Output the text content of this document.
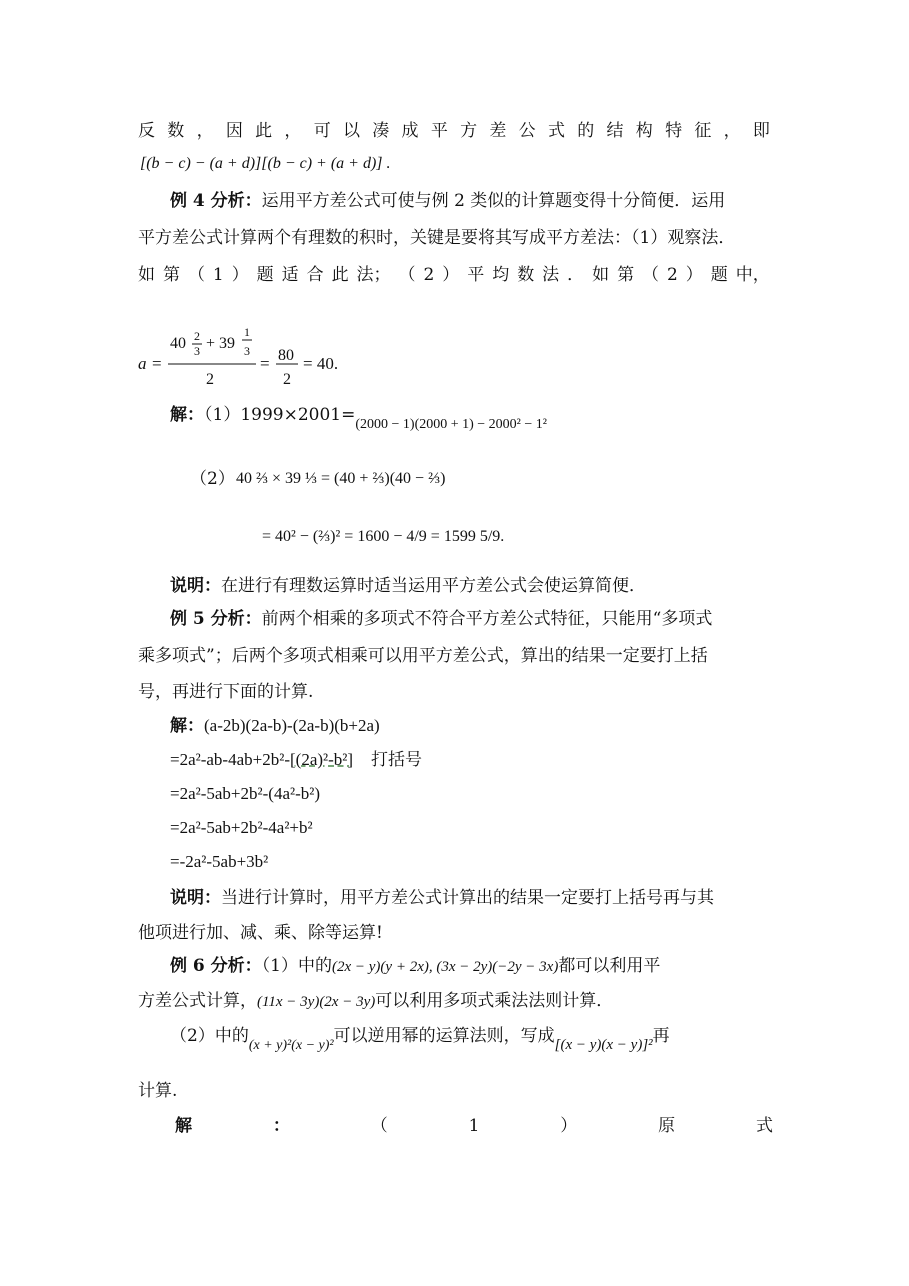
反 数 ， 因 此 ， 可 以 凑 成 平 方 差 公 式 的 结 构 特 征 ， 即
[(b − c) − (a + d)][(b − c) + (a + d)] .
例 4 分析：运用平方差公式可使与例 2 类似的计算题变得十分简便．运用
平方差公式计算两个有理数的积时，关键是要将其写成平方差法：（1）观察法．
如 第 （ 1 ） 题 适 合 此 法； （ 2 ） 平 均 数 法 ． 如 第 （ 2 ） 题 中，
a =
40 2
3 + 39
1
3
2
= 80
2
= 40.
解：$(1)1999\times 2001=_{(2000 - 1)(2000 + 1) - 2000^2 - 1^2}$
（2） 40 ⅔ × 39 ⅓ = (40 + ⅔)(40 − ⅔)
= 40² − (⅔)² = 1600 − 4/9 = 1599 5/9.
说明：在进行有理数运算时适当运用平方差公式会使运算简便．
例 5 分析：前两个相乘的多项式不符合平方差公式特征，只能用“多项式
乘多项式”；后两个多项式相乘可以用平方差公式，算出的结果一定要打上括
号，再进行下面的计算.
解：(a-2b)(2a-b)-(2a-b)(b+2a)
=2a²-ab-4ab+2b²-[(2a)²-b²] 打括号
=2a²-5ab+2b²-(4a²-b²)
=2a²-5ab+2b²-4a²+b²
=-2a²-5ab+3b²
说明：当进行计算时，用平方差公式计算出的结果一定要打上括号再与其
他项进行加、减、乘、除等运算!
例 6 分析：（1）中的(2x − y)(y + 2x), (3x − 2y)(−2y − 3x)都可以利用平
方差公式计算，(11x − 3y)(2x − 3y)可以利用多项式乘法法则计算．
（2）中的$_{(x + y)^2(x - y)^2}$可以逆用幂的运算法则，写成[(x − y)(x − y)]²再
计算.
解	：	（	1	）	原	式
